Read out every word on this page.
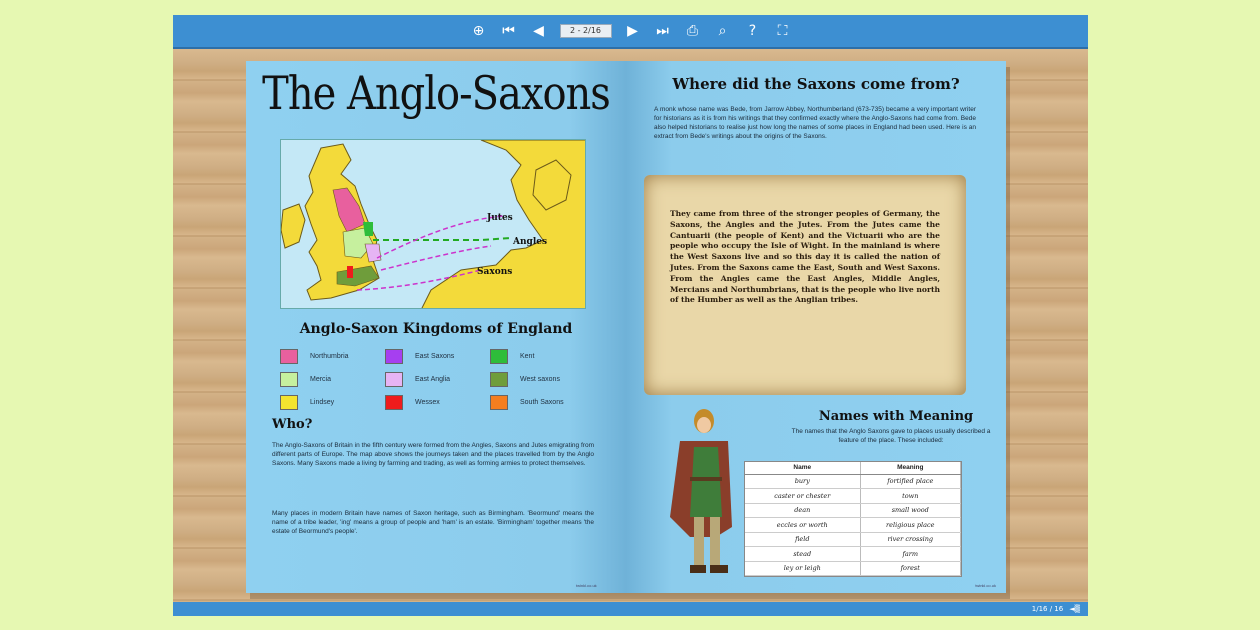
⊕ ⏮ ◀	2 - 2/16	▶ ⏭ ⎙	⌕	?	⛶
The Anglo-Saxons
Jutes
Angles
Saxons
Anglo-Saxon Kingdoms of England
Northumbria	East Saxons	Kent
Mercia	East Anglia	West saxons
Lindsey	Wessex	South Saxons
Who?
The Anglo-Saxons of Britain in the fifth century were formed from the Angles, Saxons and Jutes emigrating from different parts of Europe. The map above shows the journeys taken and the places travelled from by the Anglo Saxons. Many Saxons made a living by farming and trading, as well as forming armies to protect themselves.
Many places in modern Britain have names of Saxon heritage, such as Birmingham. 'Beormund' means the name of a tribe leader, 'ing' means a group of people and 'ham' is an estate. 'Birmingham' together means 'the estate of Beormund's people'.
twinkl.co.uk
Where did the Saxons come from?
A monk whose name was Bede, from Jarrow Abbey, Northumberland (673-735) became a very important writer for historians as it is from his writings that they confirmed exactly where the Anglo-Saxons had come from. Bede also helped historians to realise just how long the names of some places in England had been used. Here is an extract from Bede's writings about the origins of the Saxons.
twinkl.co.uk
They came from three of the stronger peoples of Germany, the Saxons, the Angles and the Jutes. From the Jutes came the Cantuarii (the people of Kent) and the Victuarii who are the people who occupy the Isle of Wight. In the mainland is where the West Saxons live and so this day it is called the nation of Jutes. From the Saxons came the East, South and West Saxons. From the Angles came the East Angles, Middle Angles, Mercians and Northumbrians, that is the people who live north of the Humber as well as the Anglian tribes.
Names with Meaning
The names that the Anglo Saxons gave to places usually described a feature of the place. These included:
Name	Meaning
bury	fortified place
caster or chester	town
dean	small wood
eccles or worth	religious place
field	river crossing
stead	farm
ley or leigh	forest
1/16 / 16 ◄▒
